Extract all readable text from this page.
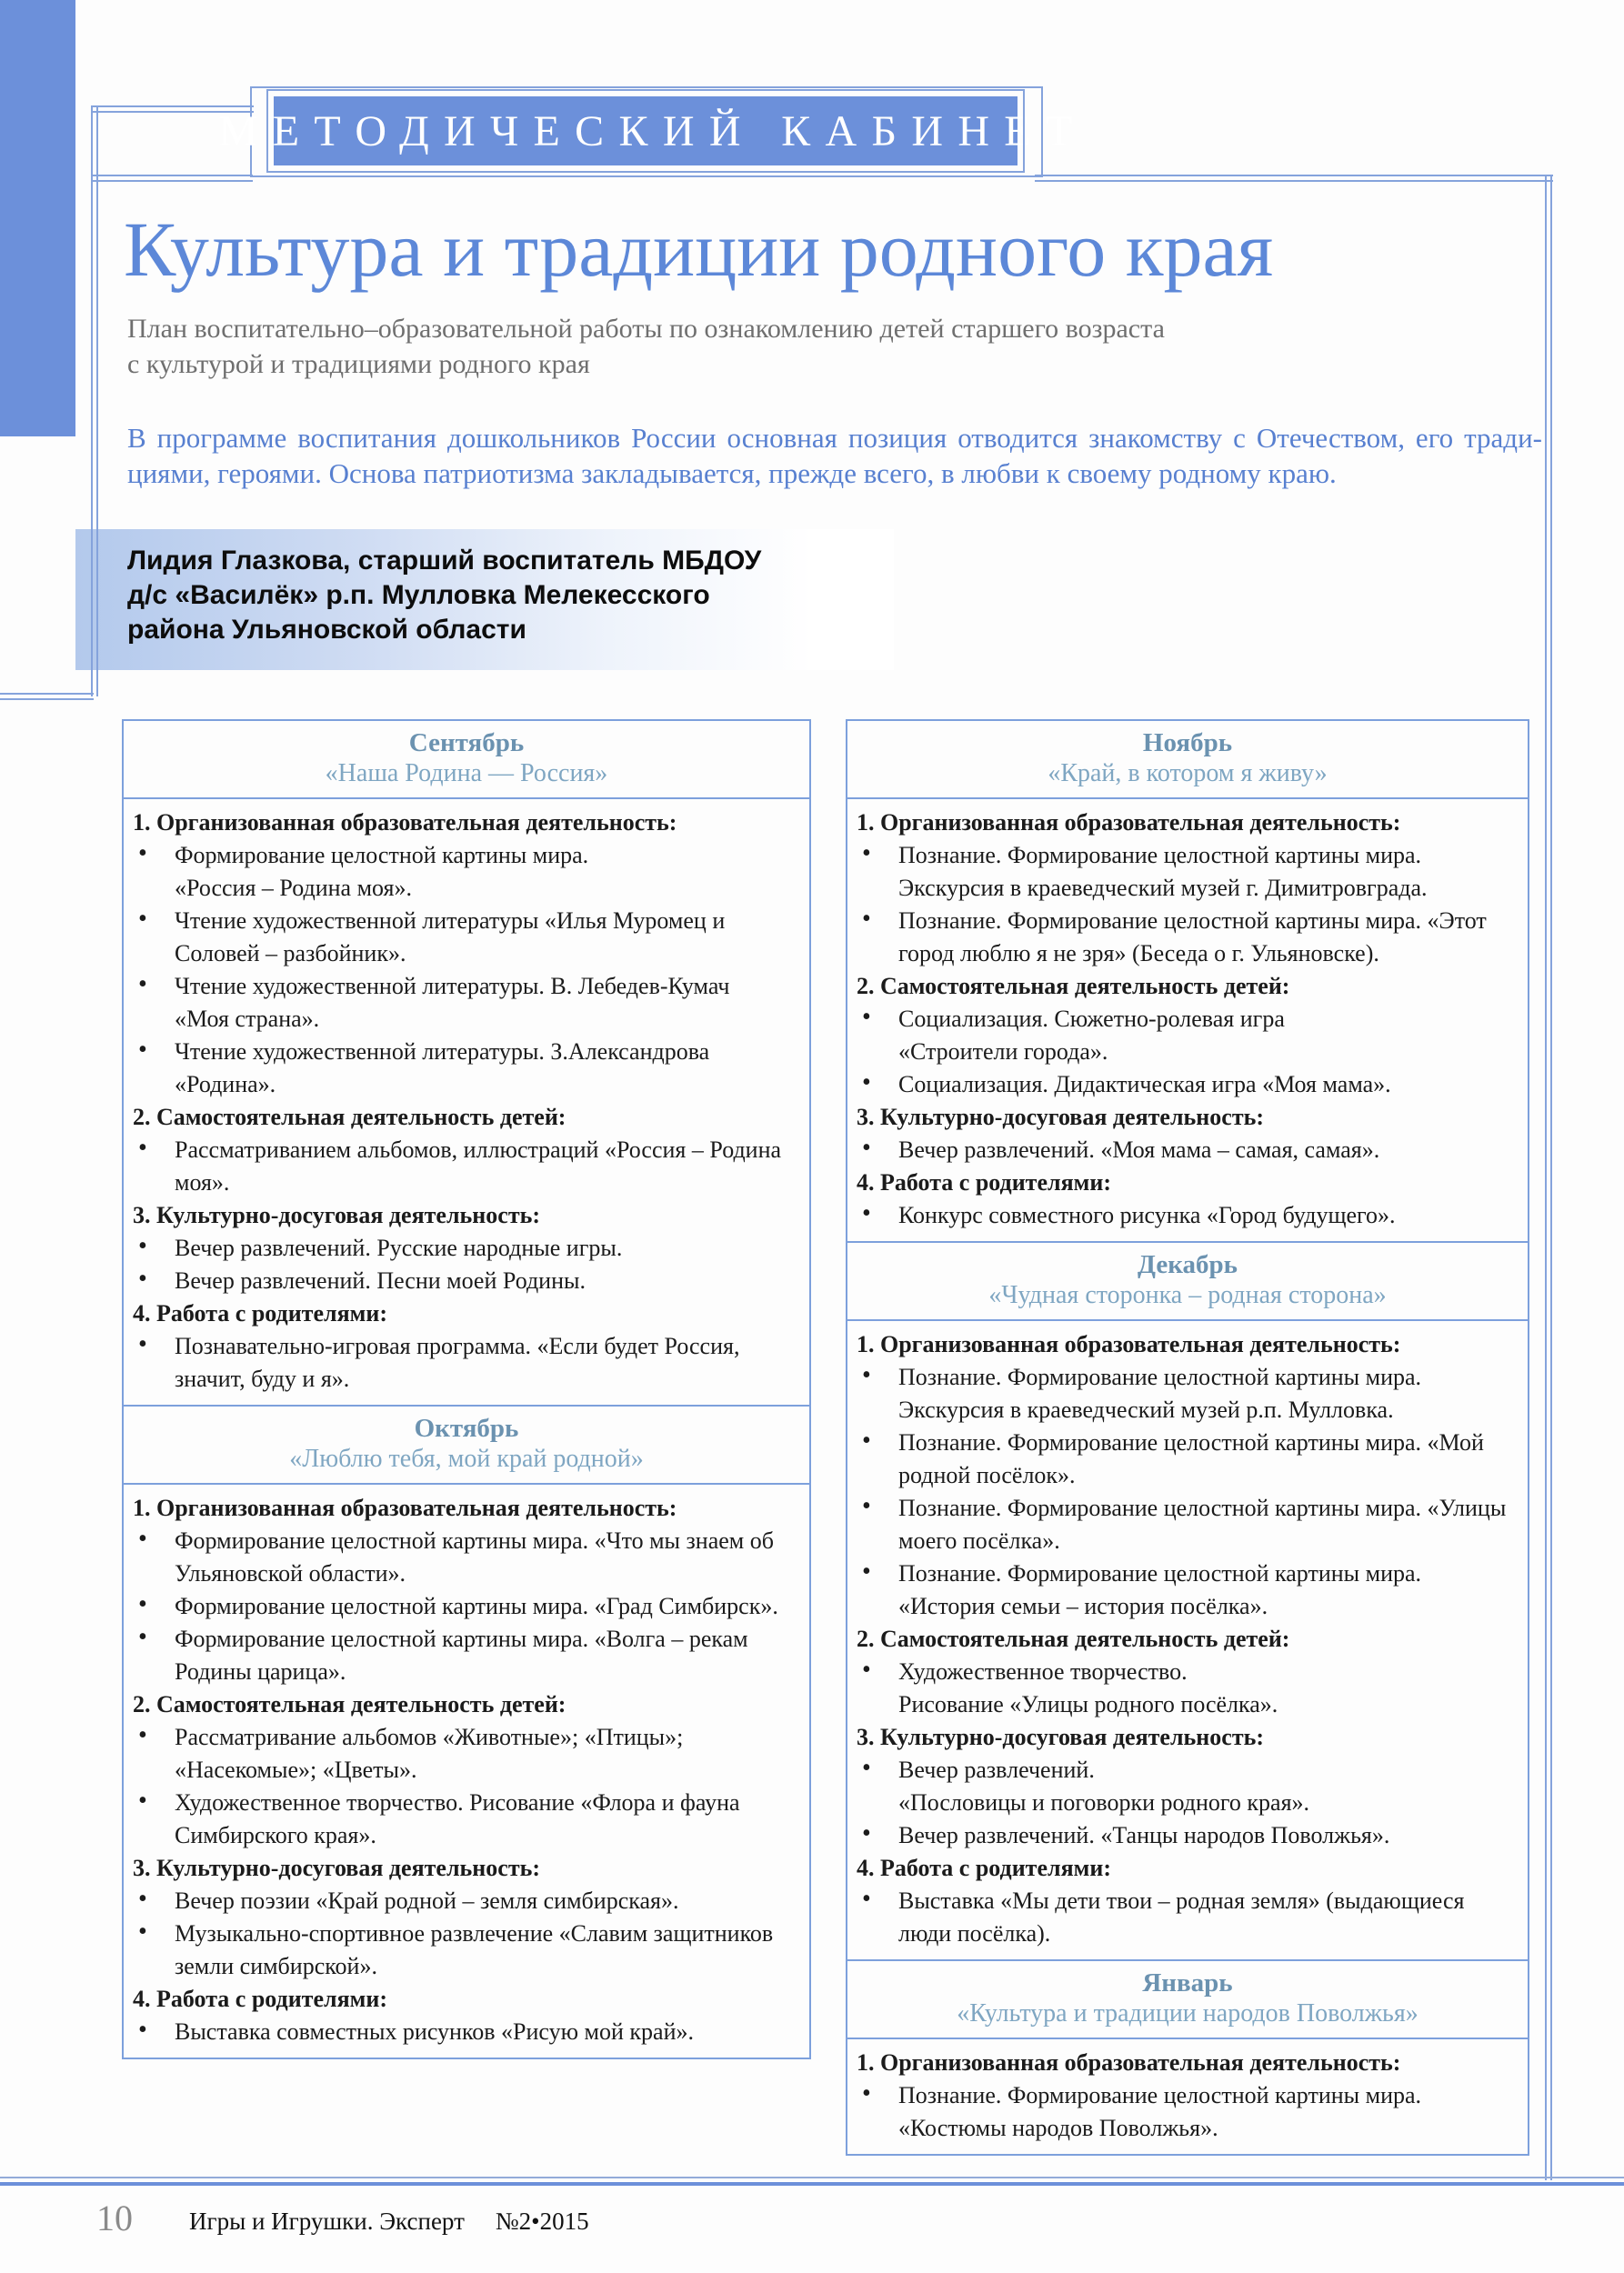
МЕТОДИЧЕСКИЙ КАБИНЕТ
Культура и традиции родного края
План воспитательно–образовательной работы по ознакомлению детей старшего возраста
с культурой и традициями родного края
В программе воспитания дошкольников России основная позиция отводится знакомству с Отечеством, его тради-
циями, героями. Основа патриотизма закладывается, прежде всего, в любви к своему родному краю.
Лидия Глазкова, старший воспитатель МБДОУ
д/с «Василёк» р.п. Мулловка Мелекесского
района Ульяновской области
Сентябрь
«Наша Родина — Россия»
1. Организованная образовательная деятельность:
• Формирование целостной картины мира.
«Россия – Родина моя».
• Чтение художественной литературы «Илья Муромец и
Соловей – разбойник».
• Чтение художественной литературы. В. Лебедев-Кумач
«Моя страна».
• Чтение художественной литературы. З.Александрова
«Родина».
2. Самостоятельная деятельность детей:
• Рассматриванием альбомов, иллюстраций «Россия – Родина
моя».
3. Культурно-досуговая деятельность:
• Вечер развлечений. Русские народные игры.
• Вечер развлечений. Песни моей Родины.
4. Работа с родителями:
• Познавательно-игровая программа. «Если будет Россия,
значит, буду и я».
Октябрь
«Люблю тебя, мой край родной»
1. Организованная образовательная деятельность:
• Формирование целостной картины мира. «Что мы знаем об
Ульяновской области».
• Формирование целостной картины мира. «Град Симбирск».
• Формирование целостной картины мира. «Волга – рекам
Родины царица».
2. Самостоятельная деятельность детей:
• Рассматривание альбомов «Животные»; «Птицы»;
«Насекомые»; «Цветы».
• Художественное творчество. Рисование «Флора и фауна
Симбирского края».
3. Культурно-досуговая деятельность:
• Вечер поэзии «Край родной – земля симбирская».
• Музыкально-спортивное развлечение «Славим защитников
земли симбирской».
4. Работа с родителями:
• Выставка совместных рисунков «Рисую мой край».
Ноябрь
«Край, в котором я живу»
1. Организованная образовательная деятельность:
• Познание. Формирование целостной картины мира.
Экскурсия в краеведческий музей г. Димитровграда.
• Познание. Формирование целостной картины мира. «Этот
город люблю я не зря» (Беседа о г. Ульяновске).
2. Самостоятельная деятельность детей:
• Социализация. Сюжетно-ролевая игра
«Строители города».
• Социализация. Дидактическая игра «Моя мама».
3. Культурно-досуговая деятельность:
• Вечер развлечений. «Моя мама – самая, самая».
4. Работа с родителями:
• Конкурс совместного рисунка «Город будущего».
Декабрь
«Чудная сторонка – родная сторона»
1. Организованная образовательная деятельность:
• Познание. Формирование целостной картины мира.
Экскурсия в краеведческий музей р.п. Мулловка.
• Познание. Формирование целостной картины мира. «Мой
родной посёлок».
• Познание. Формирование целостной картины мира. «Улицы
моего посёлка».
• Познание. Формирование целостной картины мира.
«История семьи – история посёлка».
2. Самостоятельная деятельность детей:
• Художественное творчество.
Рисование «Улицы родного посёлка».
3. Культурно-досуговая деятельность:
• Вечер развлечений.
«Пословицы и поговорки родного края».
• Вечер развлечений. «Танцы народов Поволжья».
4. Работа с родителями:
• Выставка «Мы дети твои – родная земля» (выдающиеся
люди посёлка).
Январь
«Культура и традиции народов Поволжья»
1. Организованная образовательная деятельность:
• Познание. Формирование целостной картины мира.
«Костюмы народов Поволжья».
10 Игры и Игрушки. Эксперт №2•2015
